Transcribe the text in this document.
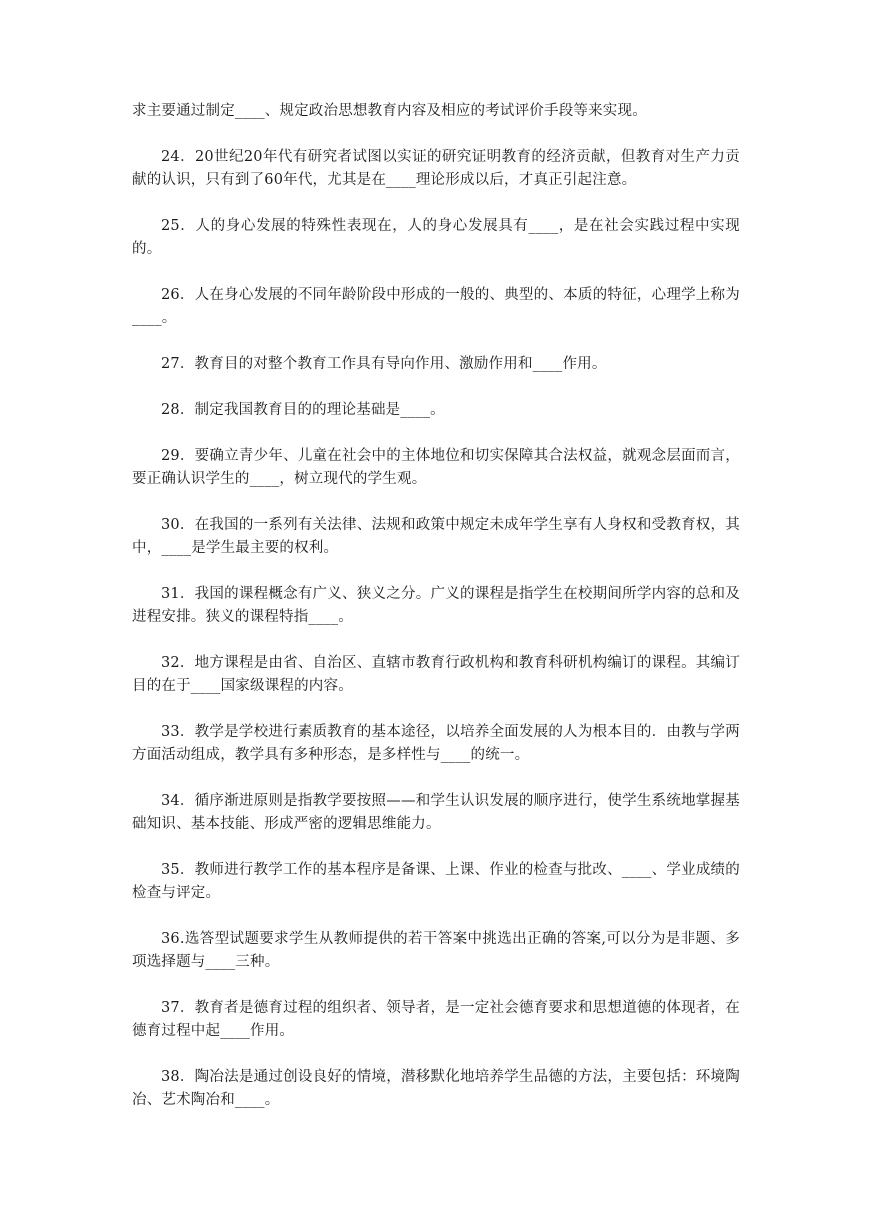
求主要通过制定____、规定政治思想教育内容及相应的考试评价手段等来实现。

24．20世纪20年代有研究者试图以实证的研究证明教育的经济贡献，但教育对生产力贡献的认识，只有到了60年代，尤其是在____理论形成以后，才真正引起注意。

25．人的身心发展的特殊性表现在，人的身心发展具有____，是在社会实践过程中实现的。

26．人在身心发展的不同年龄阶段中形成的一般的、典型的、本质的特征，心理学上称为____。

27．教育目的对整个教育工作具有导向作用、激励作用和____作用。

28．制定我国教育目的的理论基础是____。

29．要确立青少年、儿童在社会中的主体地位和切实保障其合法权益，就观念层面而言，要正确认识学生的____，树立现代的学生观。

30．在我国的一系列有关法律、法规和政策中规定未成年学生享有人身权和受教育权，其中，____是学生最主要的权利。

31．我国的课程概念有广义、狭义之分。广义的课程是指学生在校期间所学内容的总和及进程安排。狭义的课程特指____。

32．地方课程是由省、自治区、直辖市教育行政机构和教育科研机构编订的课程。其编订目的在于____国家级课程的内容。

33．教学是学校进行素质教育的基本途径，以培养全面发展的人为根本目的．由教与学两方面活动组成，教学具有多种形态，是多样性与____的统一。

34．循序渐进原则是指教学要按照——和学生认识发展的顺序进行，使学生系统地掌握基础知识、基本技能、形成严密的逻辑思维能力。

35．教师进行教学工作的基本程序是备课、上课、作业的检查与批改、____、学业成绩的检查与评定。

36.选答型试题要求学生从教师提供的若干答案中挑选出正确的答案,可以分为是非题、多项选择题与____三种。

37．教育者是德育过程的组织者、领导者，是一定社会德育要求和思想道德的体现者，在德育过程中起____作用。

38．陶冶法是通过创设良好的情境，潜移默化地培养学生品德的方法，主要包括：环境陶冶、艺术陶冶和____。
